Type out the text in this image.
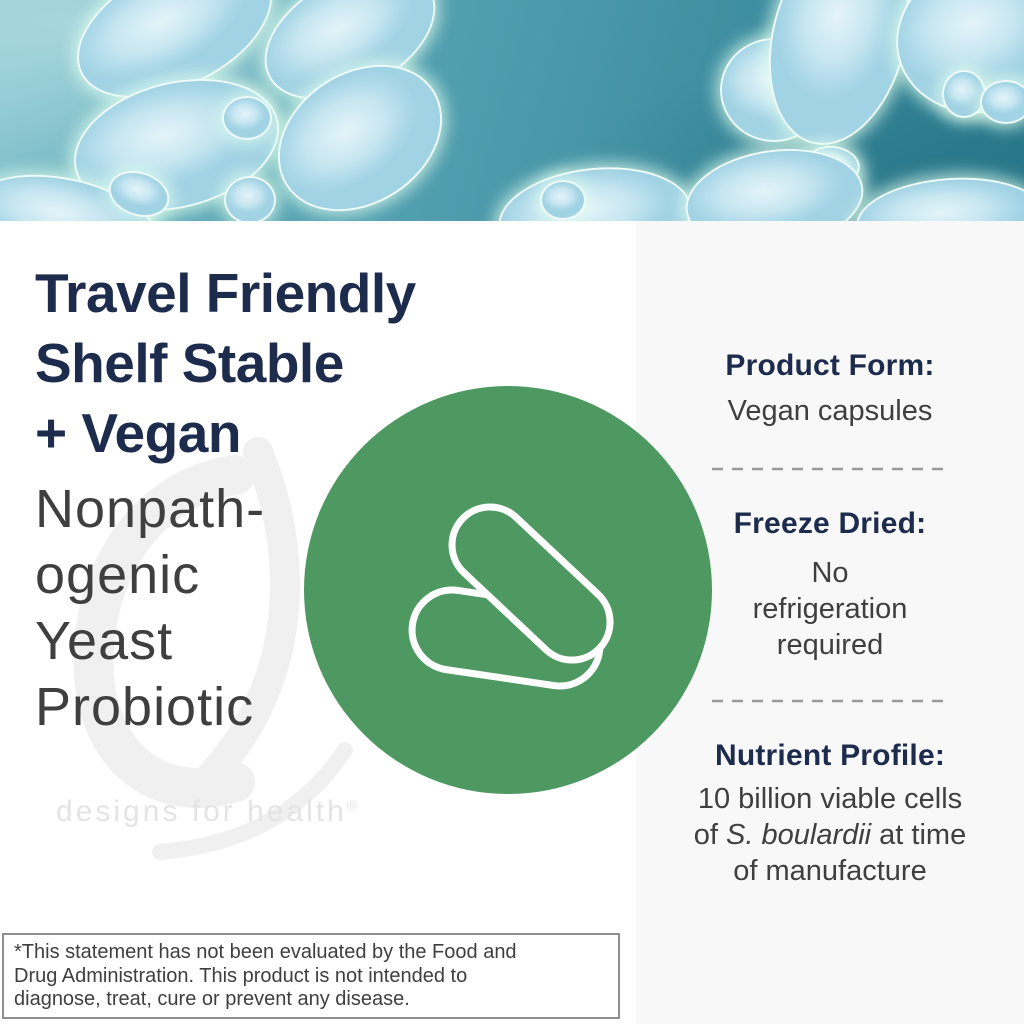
Product Form:

Vegan capsules

Freeze Dried:

No
refrigeration
required

Nutrient Profile:

10 billion viable cells
of S. boulardii at time
of manufacture

designs for health®
Travel Friendly
Shelf Stable
+ Vegan
Nonpath-
ogenic
Yeast
Probiotic
*This statement has not been evaluated by the Food and
Drug Administration. This product is not intended to
diagnose, treat, cure or prevent any disease.
